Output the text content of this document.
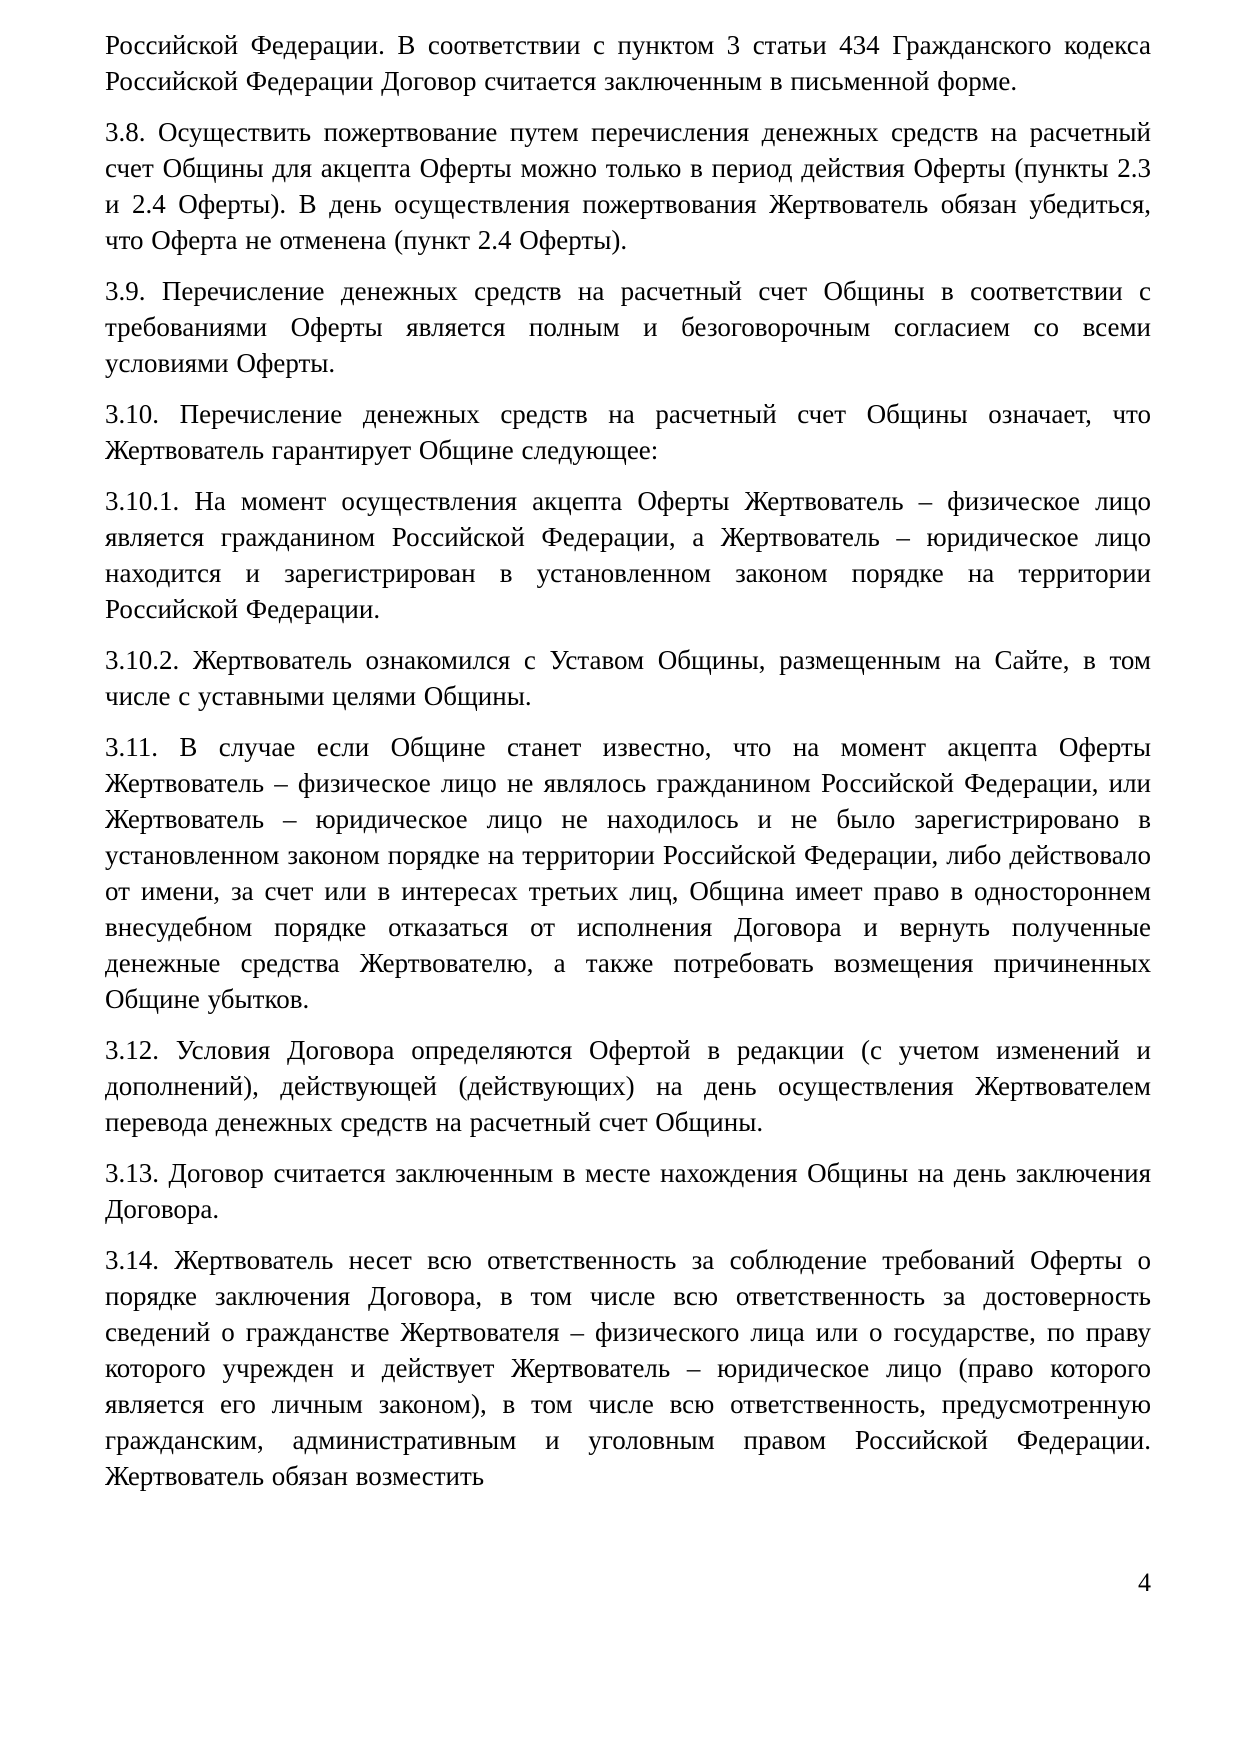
Российской Федерации. В соответствии с пунктом 3 статьи 434 Гражданского кодекса Российской Федерации Договор считается заключенным в письменной форме.

3.8. Осуществить пожертвование путем перечисления денежных средств на расчетный счет Общины для акцепта Оферты можно только в период действия Оферты (пункты 2.3 и 2.4 Оферты). В день осуществления пожертвования Жертвователь обязан убедиться, что Оферта не отменена (пункт 2.4 Оферты).

3.9. Перечисление денежных средств на расчетный счет Общины в соответствии с требованиями Оферты является полным и безоговорочным согласием со всеми условиями Оферты.

3.10. Перечисление денежных средств на расчетный счет Общины означает, что Жертвователь гарантирует Общине следующее:

3.10.1. На момент осуществления акцепта Оферты Жертвователь – физическое лицо является гражданином Российской Федерации, а Жертвователь – юридическое лицо находится и зарегистрирован в установленном законом порядке на территории Российской Федерации.

3.10.2. Жертвователь ознакомился с Уставом Общины, размещенным на Сайте, в том числе с уставными целями Общины.

3.11. В случае если Общине станет известно, что на момент акцепта Оферты Жертвователь – физическое лицо не являлось гражданином Российской Федерации, или Жертвователь – юридическое лицо не находилось и не было зарегистрировано в установленном законом порядке на территории Российской Федерации, либо действовало от имени, за счет или в интересах третьих лиц, Община имеет право в одностороннем внесудебном порядке отказаться от исполнения Договора и вернуть полученные денежные средства Жертвователю, а также потребовать возмещения причиненных Общине убытков.

3.12. Условия Договора определяются Офертой в редакции (с учетом изменений и дополнений), действующей (действующих) на день осуществления Жертвователем перевода денежных средств на расчетный счет Общины.

3.13. Договор считается заключенным в месте нахождения Общины на день заключения Договора.

3.14. Жертвователь несет всю ответственность за соблюдение требований Оферты о порядке заключения Договора, в том числе всю ответственность за достоверность сведений о гражданстве Жертвователя – физического лица или о государстве, по праву которого учрежден и действует Жертвователь – юридическое лицо (право которого является его личным законом), в том числе всю ответственность, предусмотренную гражданским, административным и уголовным правом Российской Федерации. Жертвователь обязан возместить

4
